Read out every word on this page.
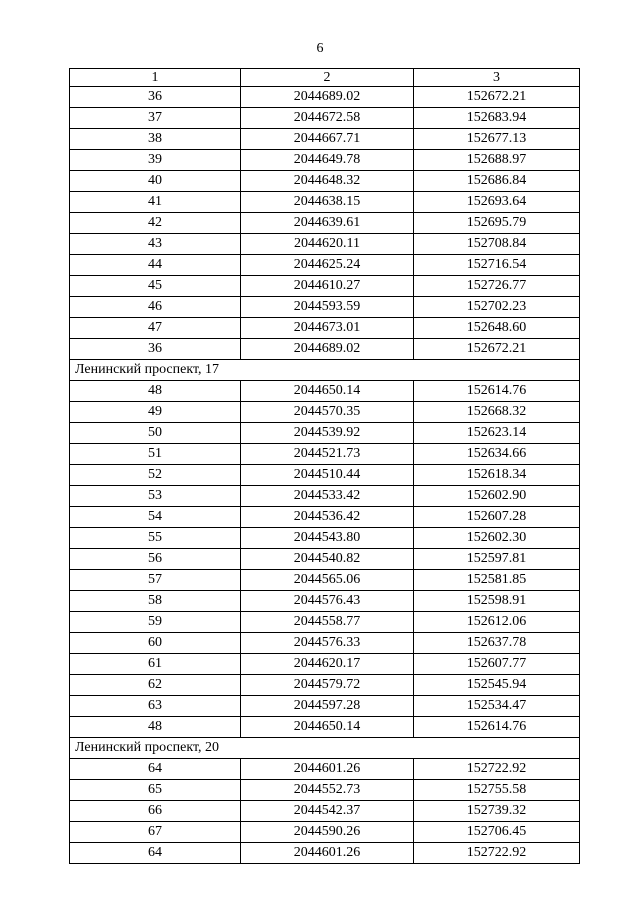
6
1	2	3
36	2044689.02	152672.21
37	2044672.58	152683.94
38	2044667.71	152677.13
39	2044649.78	152688.97
40	2044648.32	152686.84
41	2044638.15	152693.64
42	2044639.61	152695.79
43	2044620.11	152708.84
44	2044625.24	152716.54
45	2044610.27	152726.77
46	2044593.59	152702.23
47	2044673.01	152648.60
36	2044689.02	152672.21
Ленинский проспект, 17		
48	2044650.14	152614.76
49	2044570.35	152668.32
50	2044539.92	152623.14
51	2044521.73	152634.66
52	2044510.44	152618.34
53	2044533.42	152602.90
54	2044536.42	152607.28
55	2044543.80	152602.30
56	2044540.82	152597.81
57	2044565.06	152581.85
58	2044576.43	152598.91
59	2044558.77	152612.06
60	2044576.33	152637.78
61	2044620.17	152607.77
62	2044579.72	152545.94
63	2044597.28	152534.47
48	2044650.14	152614.76
Ленинский проспект, 20		
64	2044601.26	152722.92
65	2044552.73	152755.58
66	2044542.37	152739.32
67	2044590.26	152706.45
64	2044601.26	152722.92
